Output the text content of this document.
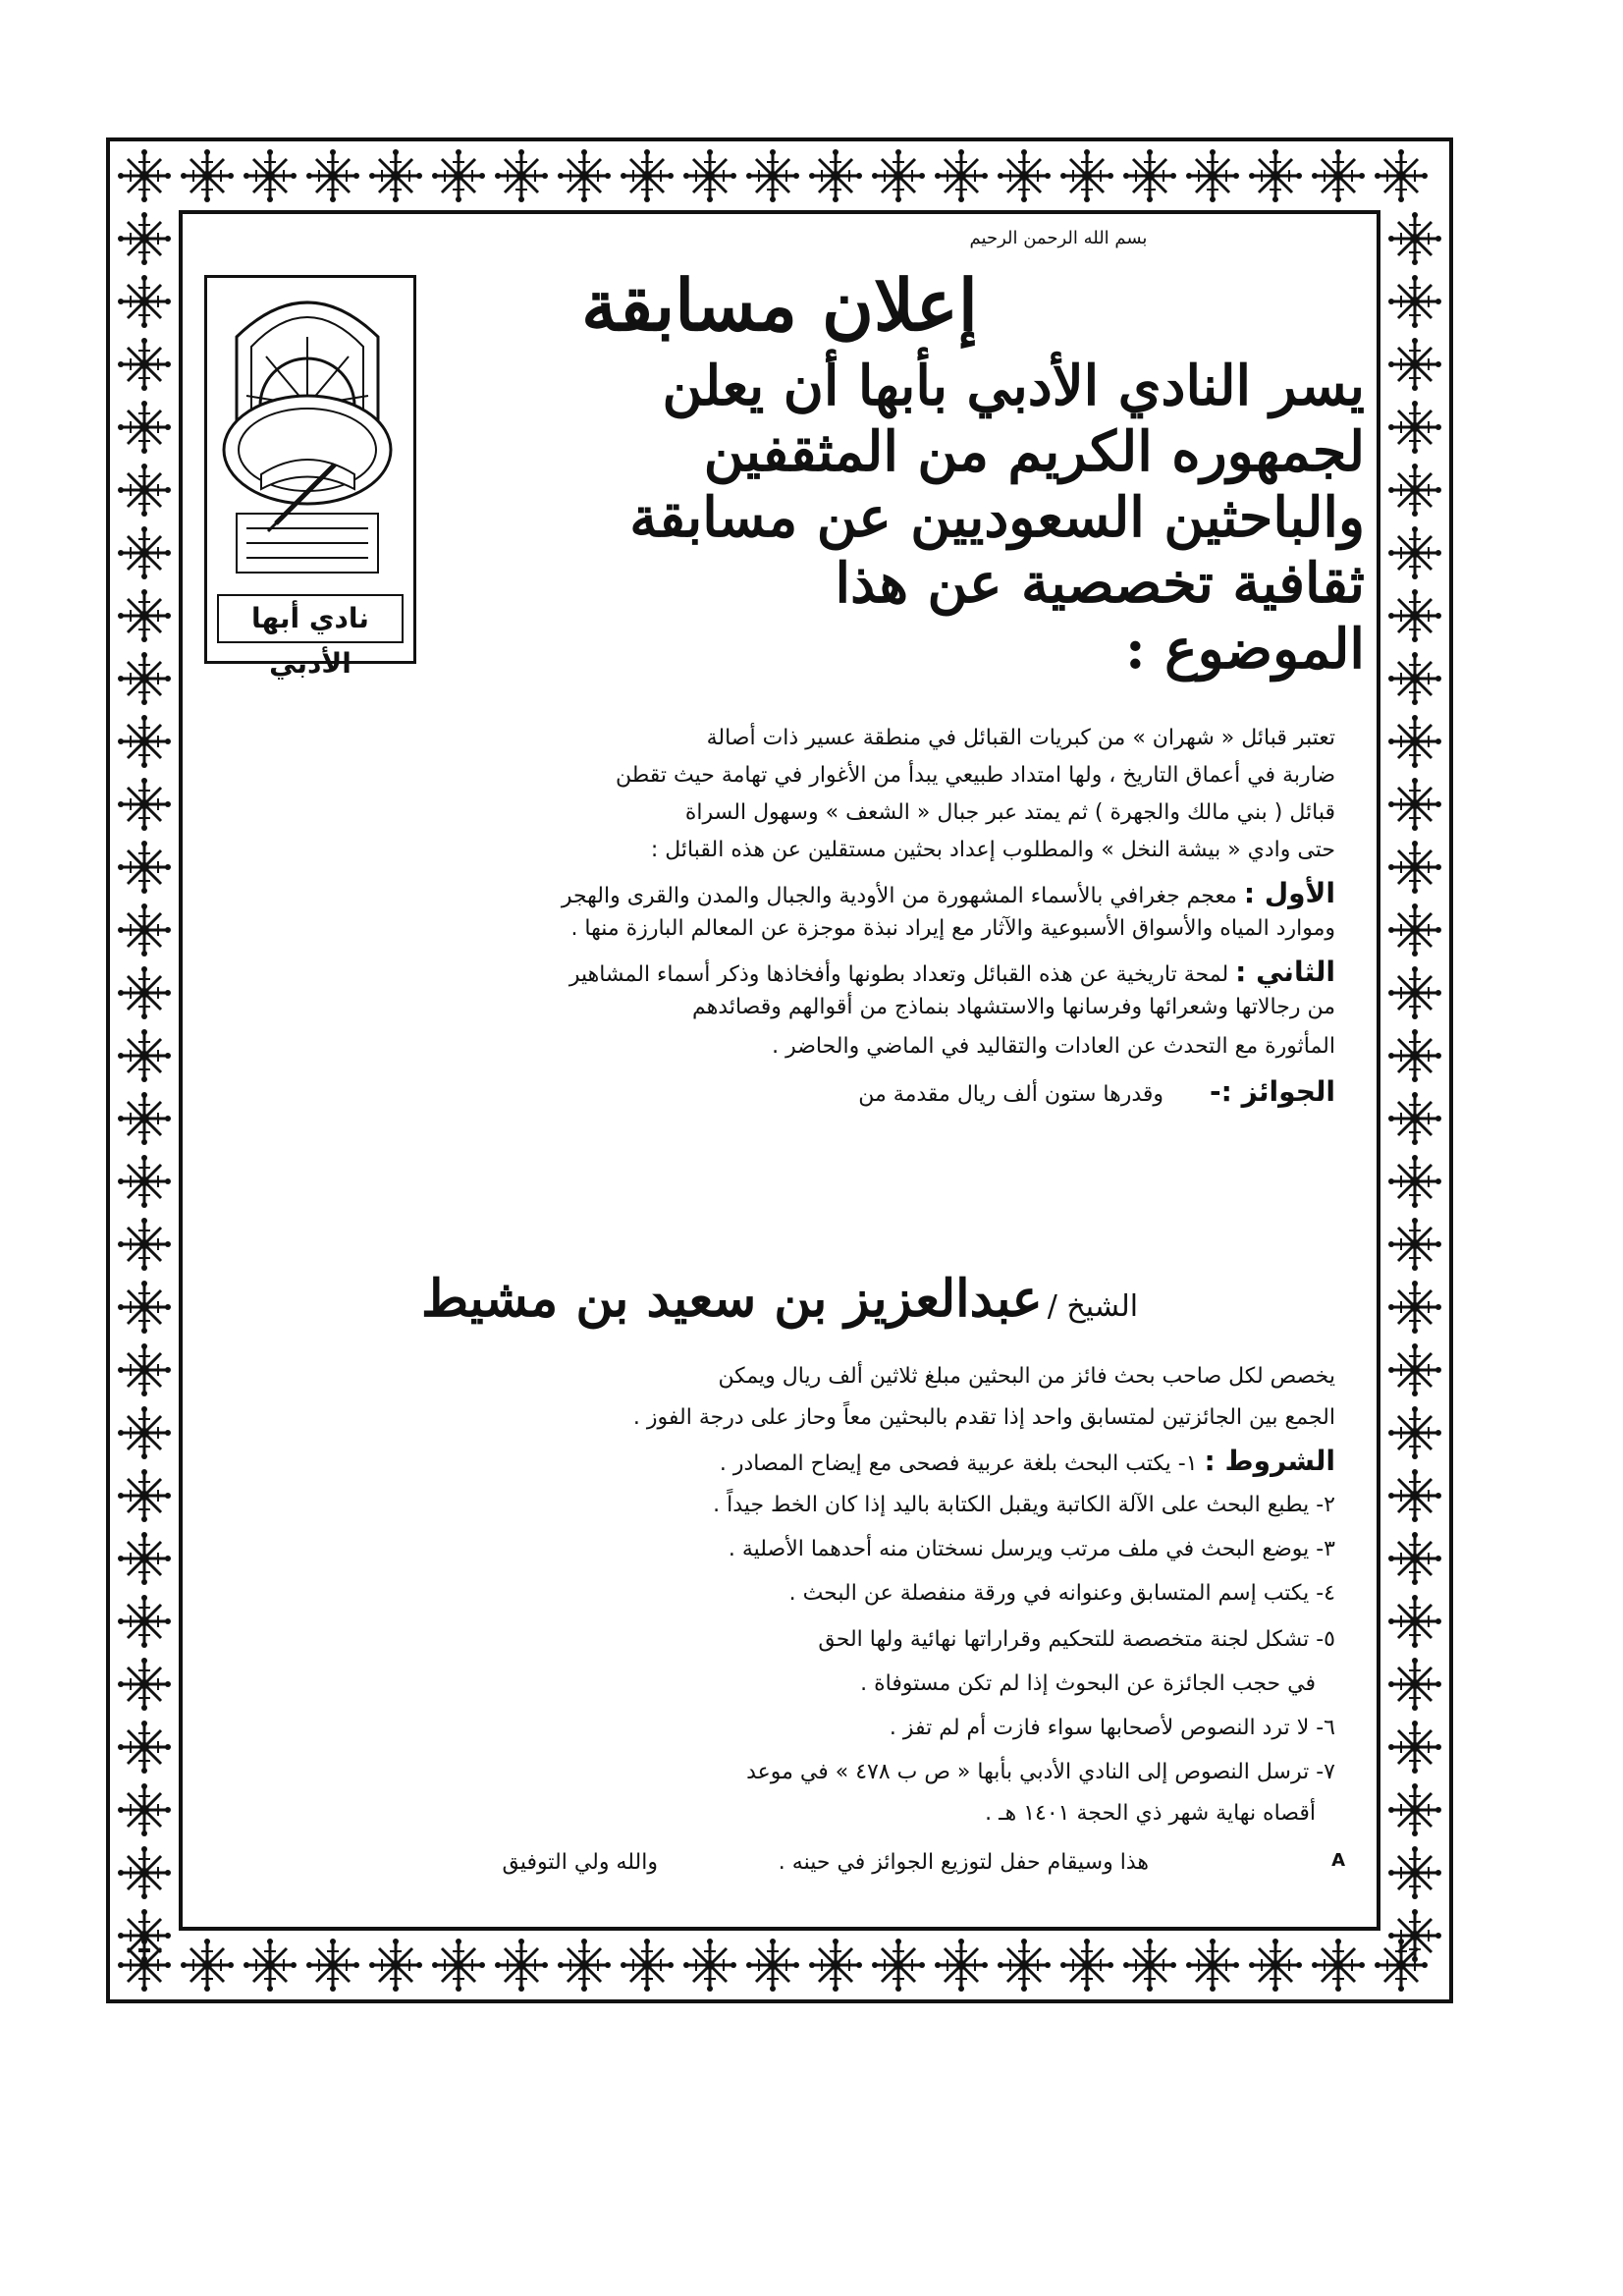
بسم الله الرحمن الرحيم
إعلان مسابقة
يسر النادي الأدبي بأبها أن يعلن
لجمهوره الكريم من المثقفين
والباحثين السعوديين عن مسابقة
ثقافية تخصصية عن هذا
الموضوع :
نادي أبها الأدبي
تعتبر قبائل « شهران » من كبريات القبائل في منطقة عسير ذات أصالة
ضاربة في أعماق التاريخ ، ولها امتداد طبيعي يبدأ من الأغوار في تهامة حيث تقطن
قبائل ( بني مالك والجهرة ) ثم يمتد عبر جبال « الشعف » وسهول السراة
حتى وادي « بيشة النخل » والمطلوب إعداد بحثين مستقلين عن هذه القبائل :
الأول : معجم جغرافي بالأسماء المشهورة من الأودية والجبال والمدن والقرى والهجر
وموارد المياه والأسواق الأسبوعية والآثار مع إيراد نبذة موجزة عن المعالم البارزة منها .
الثاني : لمحة تاريخية عن هذه القبائل وتعداد بطونها وأفخاذها وذكر أسماء المشاهير
من رجالاتها وشعرائها وفرسانها والاستشهاد بنماذج من أقوالهم وقصائدهم
المأثورة مع التحدث عن العادات والتقاليد في الماضي والحاضر .
الجوائز :- وقدرها ستون ألف ريال مقدمة من
الشيخ / عبدالعزيز بن سعيد بن مشيط
يخصص لكل صاحب بحث فائز من البحثين مبلغ ثلاثين ألف ريال ويمكن
الجمع بين الجائزتين لمتسابق واحد إذا تقدم بالبحثين معاً وحاز على درجة الفوز .
الشروط : ١- يكتب البحث بلغة عربية فصحى مع إيضاح المصادر .
٢- يطبع البحث على الآلة الكاتبة ويقبل الكتابة باليد إذا كان الخط جيداً .
٣- يوضع البحث في ملف مرتب ويرسل نسختان منه أحدهما الأصلية .
٤- يكتب إسم المتسابق وعنوانه في ورقة منفصلة عن البحث .
٥- تشكل لجنة متخصصة للتحكيم وقراراتها نهائية ولها الحق
في حجب الجائزة عن البحوث إذا لم تكن مستوفاة .
٦- لا ترد النصوص لأصحابها سواء فازت أم لم تفز .
٧- ترسل النصوص إلى النادي الأدبي بأبها « ص ب ٤٧٨ » في موعد
أقصاه نهاية شهر ذي الحجة ١٤٠١ هـ .
هذا وسيقام حفل لتوزيع الجوائز في حينه .
والله ولي التوفيق	A
